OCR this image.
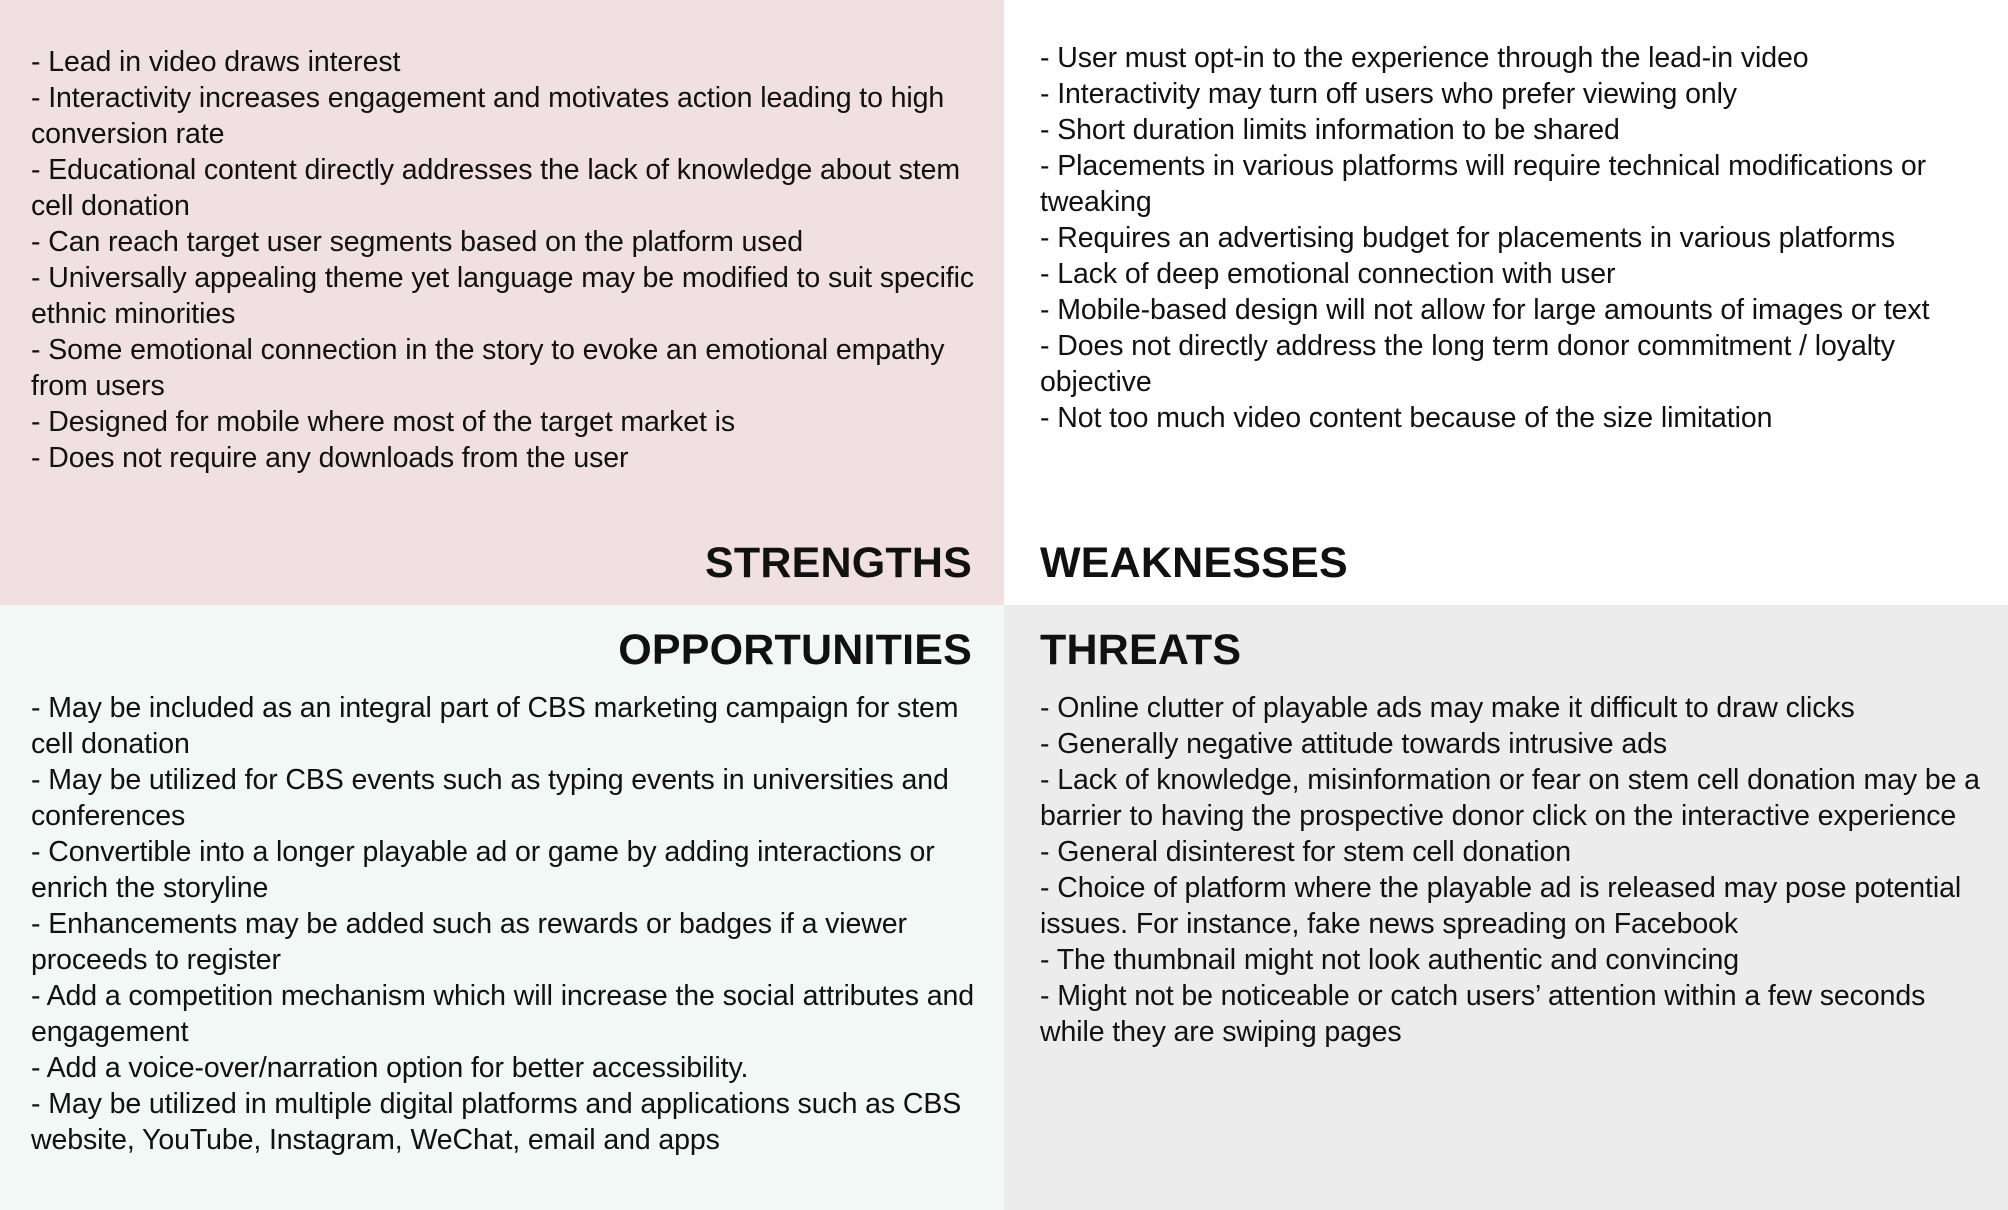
- Lead in video draws interest
- Interactivity increases engagement and motivates action leading to high conversion rate
- Educational content directly addresses the lack of knowledge about stem cell donation
- Can reach target user segments based on the platform used
- Universally appealing theme yet language may be modified to suit specific ethnic minorities
- Some emotional connection in the story to evoke an emotional empathy from users
- Designed for mobile where most of the target market is
- Does not require any downloads from the user
STRENGTHS
- User must opt-in to the experience through the lead-in video
- Interactivity may turn off users who prefer viewing only
- Short duration limits information to be shared
- Placements in various platforms will require technical modifications or tweaking
- Requires an advertising budget for placements in various platforms
- Lack of deep emotional connection with user
- Mobile-based design will not allow for large amounts of images or text
- Does not directly address the long term donor commitment / loyalty objective
- Not too much video content because of the size limitation
WEAKNESSES
OPPORTUNITIES
- May be included as an integral part of CBS marketing campaign for stem cell donation
- May be utilized for CBS events such as typing events in universities and conferences
- Convertible into a longer playable ad or game by adding interactions or enrich the storyline
- Enhancements may be added such as rewards or badges if a viewer proceeds to register
- Add a competition mechanism which will increase the social attributes and engagement
- Add a voice-over/narration option for better accessibility.
- May be utilized in multiple digital platforms and applications such as CBS website, YouTube, Instagram, WeChat, email and apps
THREATS
- Online clutter of playable ads may make it difficult to draw clicks
- Generally negative attitude towards intrusive ads
- Lack of knowledge, misinformation or fear on stem cell donation may be a barrier to having the prospective donor click on the interactive experience
- General disinterest for stem cell donation
- Choice of platform where the playable ad is released may pose potential issues. For instance, fake news spreading on Facebook
- The thumbnail might not look authentic and convincing
- Might not be noticeable or catch users’ attention within a few seconds while they are swiping pages
